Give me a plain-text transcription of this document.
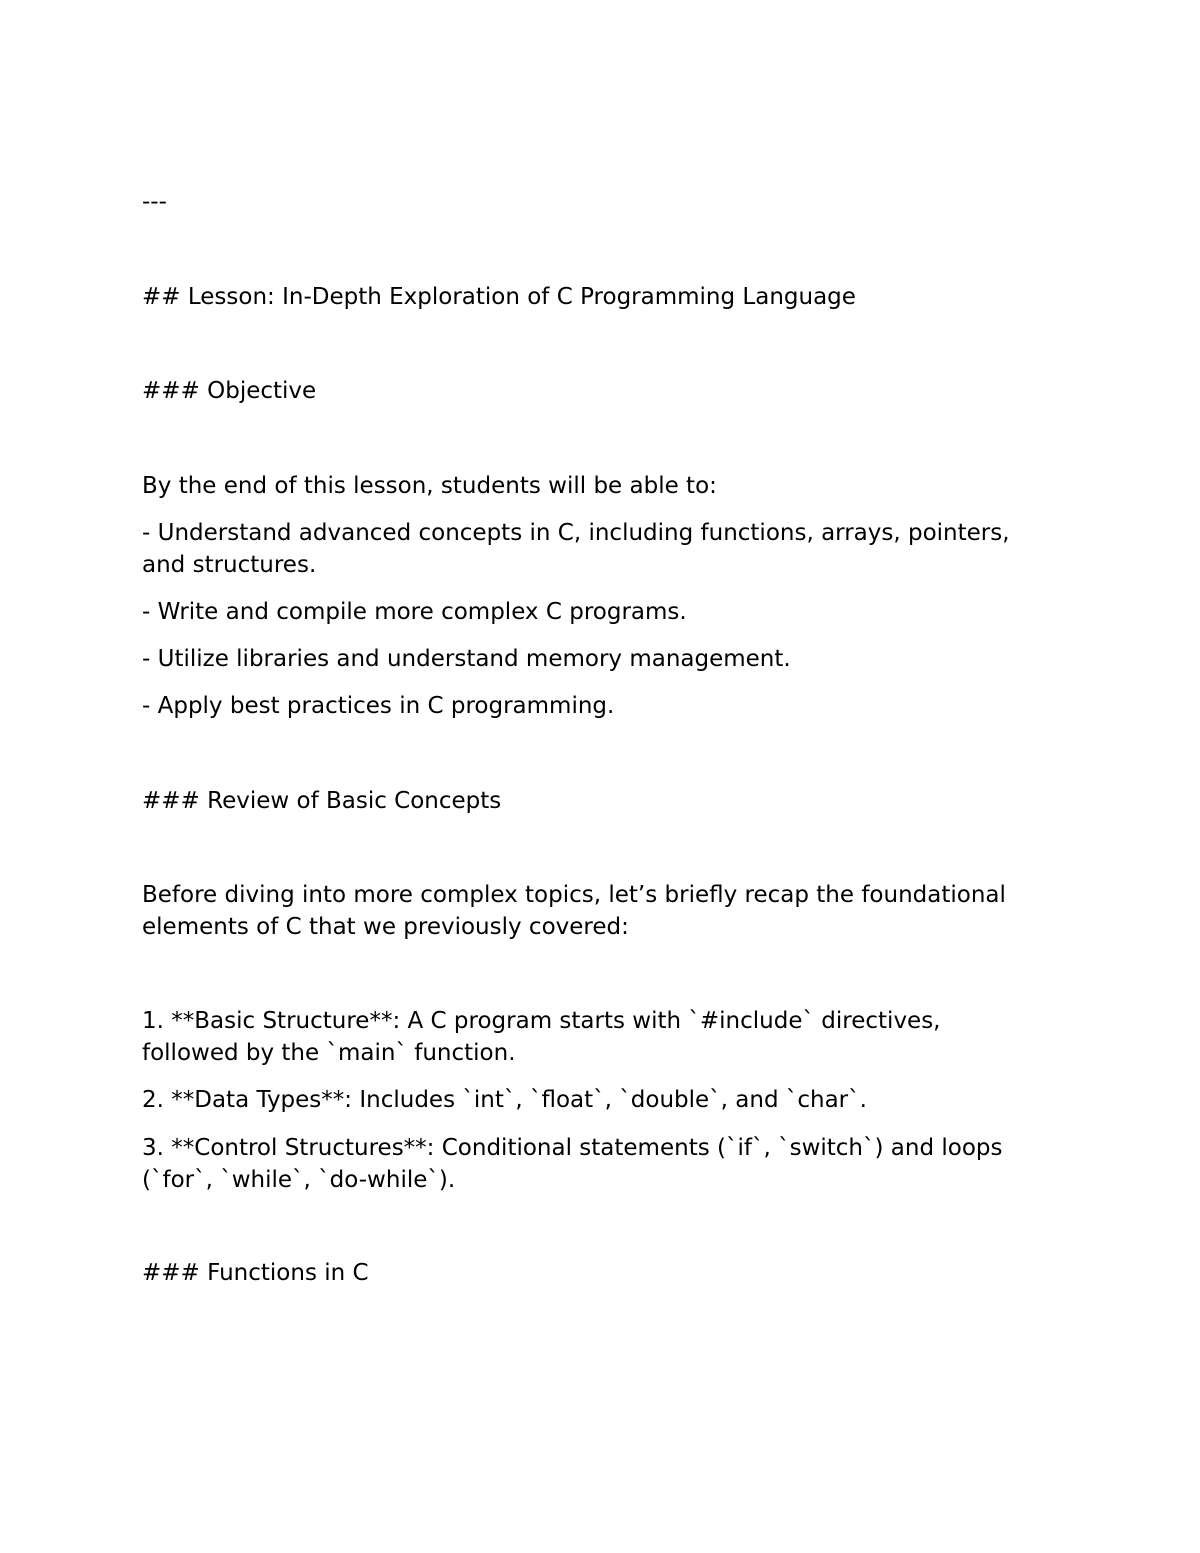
---

## Lesson: In-Depth Exploration of C Programming Language

### Objective

By the end of this lesson, students will be able to:

- Understand advanced concepts in C, including functions, arrays, pointers, and structures.

- Write and compile more complex C programs.

- Utilize libraries and understand memory management.

- Apply best practices in C programming.

### Review of Basic Concepts

Before diving into more complex topics, let’s briefly recap the foundational elements of C that we previously covered:

1. **Basic Structure**: A C program starts with `#include` directives, followed by the `main` function.

2. **Data Types**: Includes `int`, `float`, `double`, and `char`.

3. **Control Structures**: Conditional statements (`if`, `switch`) and loops (`for`, `while`, `do-while`).

### Functions in C
